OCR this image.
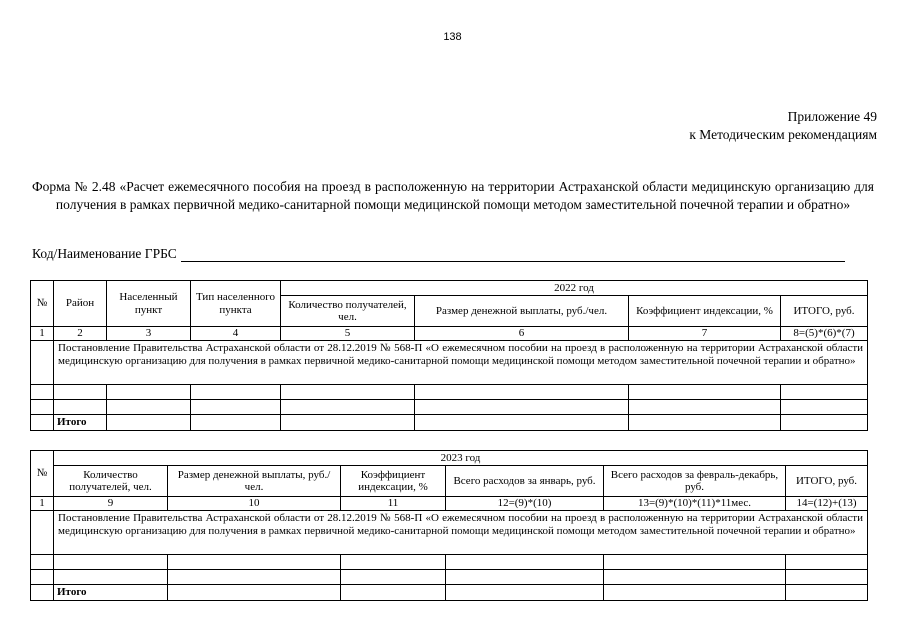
138
Приложение 49
к Методическим рекомендациям
Форма № 2.48 «Расчет ежемесячного пособия на проезд в расположенную на территории Астраханской области медицинскую организацию для получения в рамках первичной медико-санитарной помощи медицинской помощи методом заместительной почечной терапии и обратно»
Код/Наименование ГРБС
№	Район	Населенный пункт	Тип населенного пункта	2022 год			
				Количество получателей, чел.	Размер денежной выплаты, руб./чел.	Коэффициент индексации, %	ИТОГО, руб.
1	2	3	4	5	6	7	8=(5)*(6)*(7)
	Постановление Правительства Астраханской области от 28.12.2019 № 568-П «О ежемесячном пособии на проезд в расположенную на территории Астраханской области медицинскую организацию для получения в рамках первичной медико-санитарной помощи медицинской помощи методом заместительной почечной терапии и обратно»						

	Итого						
№	2023 год					
	Количество получателей, чел.	Размер денежной выплаты, руб./чел.	Коэффициент индексации, %	Всего расходов за январь, руб.	Всего расходов за февраль-декабрь, руб.	ИТОГО, руб.
1	9	10	11	12=(9)*(10)	13=(9)*(10)*(11)*11мес.	14=(12)+(13)
	Постановление Правительства Астраханской области от 28.12.2019 № 568-П «О ежемесячном пособии на проезд в расположенную на территории Астраханской области медицинскую организацию для получения в рамках первичной медико-санитарной помощи медицинской помощи методом заместительной почечной терапии и обратно»					

	Итого					
